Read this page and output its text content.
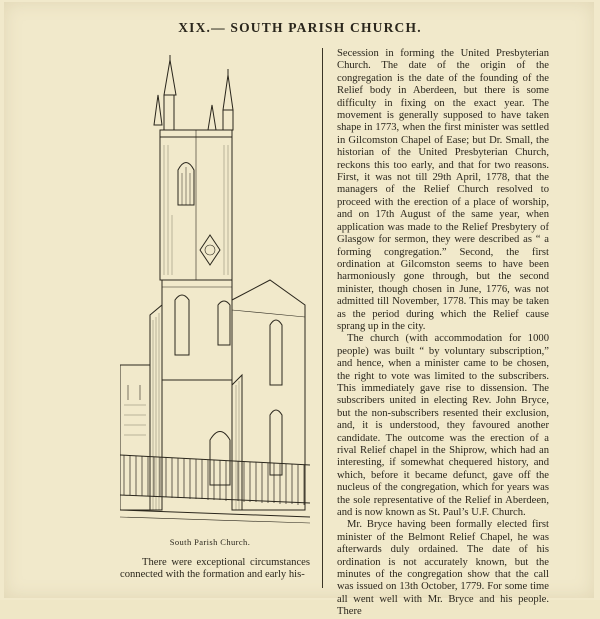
XIX.— SOUTH PARISH CHURCH.
South Parish Church.

There were exceptional circumstances connected with the formation and early his-

Secession in forming the United Presbyterian Church. The date of the origin of the congregation is the date of the founding of the Relief body in Aberdeen, but there is some difficulty in fixing on the exact year. The movement is generally supposed to have taken shape in 1773, when the first minister was settled in Gilcomston Chapel of Ease; but Dr. Small, the historian of the United Presbyterian Church, reckons this too early, and that for two reasons. First, it was not till 29th April, 1778, that the managers of the Relief Church resolved to proceed with the erection of a place of worship, and on 17th August of the same year, when application was made to the Relief Presbytery of Glasgow for sermon, they were described as “ a forming congregation.” Second, the first ordination at Gilcomston seems to have been harmoniously gone through, but the second minister, though chosen in June, 1776, was not admitted till November, 1778. This may be taken as the period during which the Relief cause sprang up in the city.

The church (with accommodation for 1000 people) was built “ by voluntary subscription,” and hence, when a minister came to be chosen, the right to vote was limited to the subscribers. This immediately gave rise to dissension. The subscribers united in electing Rev. John Bryce, but the non-subscribers resented their exclusion, and, it is understood, they favoured another candidate. The outcome was the erection of a rival Relief chapel in the Shiprow, which had an interesting, if somewhat chequered history, and which, before it became defunct, gave off the nucleus of the congregation, which for years was the sole representative of the Relief in Aberdeen, and is now known as St. Paul’s U.F. Church.

Mr. Bryce having been formally elected first minister of the Belmont Relief Chapel, he was afterwards duly ordained. The date of his ordination is not accurately known, but the minutes of the congregation show that the call was issued on 13th October, 1779. For some time all went well with Mr. Bryce and his people. There
